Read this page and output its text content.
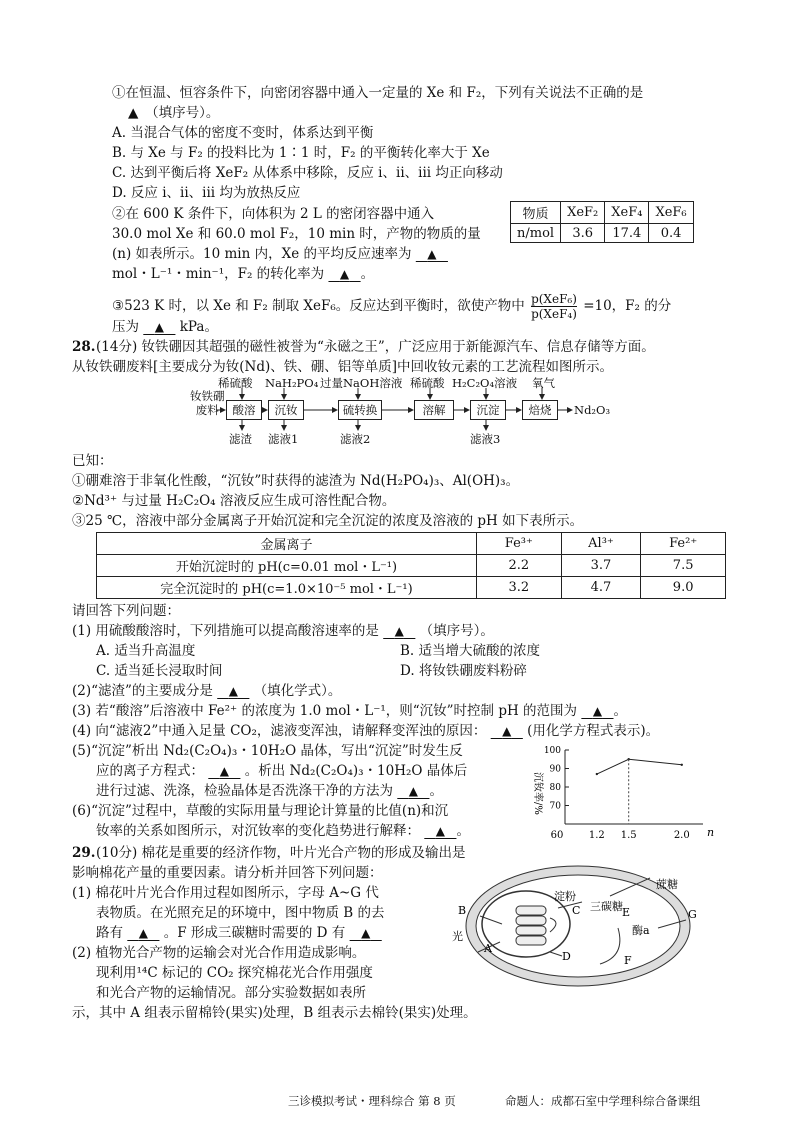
①在恒温、恒容条件下，向密闭容器中通入一定量的 Xe 和 F₂，下列有关说法不正确的是
▲　（填序号）。
A. 当混合气体的密度不变时，体系达到平衡
B. 与 Xe 与 F₂ 的投料比为 1∶1 时，F₂ 的平衡转化率大于 Xe
C. 达到平衡后将 XeF₂ 从体系中移除，反应 i、ii、iii 均正向移动
D. 反应 i、ii、iii 均为放热反应
②在 600 K 条件下，向体积为 2 L 的密闭容器中通入
30.0 mol Xe 和 60.0 mol F₂，10 min 时，产物的物质的量
(n) 如表所示。10 min 内，Xe 的平均反应速率为 ▲
mol・L⁻¹・min⁻¹，F₂ 的转化率为 ▲ 。
物质	XeF₂	XeF₄	XeF₆
n/mol	3.6	17.4	0.4
③523 K 时，以 Xe 和 F₂ 制取 XeF₆。反应达到平衡时，欲使产物中 p(XeF₆)
p(XeF₄) =10，F₂ 的分
压为 ▲ kPa。
28. (14分) 钕铁硼因其超强的磁性被誉为“永磁之王”，广泛应用于新能源汽车、信息存储等方面。
从钕铁硼废料[主要成分为钕(Nd)、铁、硼、铝等单质]中回收钕元素的工艺流程如图所示。
钕铁硼
废料
稀硫酸 NaH₂PO₄ 过量NaOH溶液 稀硫酸 H₂C₂O₄溶液 氧气
酸溶	沉钕	硫转换	溶解	沉淀	焙烧	Nd₂O₃
滤渣 滤液1	滤液2	滤液3
已知：
①硼难溶于非氧化性酸，“沉钕”时获得的滤渣为 Nd(H₂PO₄)₃、Al(OH)₃。
②Nd³⁺ 与过量 H₂C₂O₄ 溶液反应生成可溶性配合物。
③25 ℃，溶液中部分金属离子开始沉淀和完全沉淀的浓度及溶液的 pH 如下表所示。
金属离子	Fe³⁺	Al³⁺	Fe²⁺
开始沉淀时的 pH(c=0.01 mol・L⁻¹)	2.2	3.7	7.5
完全沉淀时的 pH(c=1.0×10⁻⁵ mol・L⁻¹)	3.2	4.7	9.0
请回答下列问题：
(1) 用硫酸酸溶时，下列措施可以提高酸溶速率的是 ▲ （填序号）。
A. 适当升高温度	B. 适当增大硫酸的浓度
C. 适当延长浸取时间	D. 将钕铁硼废料粉碎
(2)“滤渣”的主要成分是 ▲ （填化学式）。
(3) 若“酸溶”后溶液中 Fe²⁺ 的浓度为 1.0 mol・L⁻¹，则“沉钕”时控制 pH 的范围为 ▲ 。
(4) 向“滤液2”中通入足量 CO₂，滤液变浑浊，请解释变浑浊的原因： ▲ (用化学方程式表示)。
(5)“沉淀”析出 Nd₂(C₂O₄)₃・10H₂O 晶体，写出“沉淀”时发生反
应的离子方程式： ▲ 。析出 Nd₂(C₂O₄)₃・10H₂O 晶体后
进行过滤、洗涤，检验晶体是否洗涤干净的方法为 ▲ 。
(6)“沉淀”过程中，草酸的实际用量与理论计算量的比值(n)和沉
钕率的关系如图所示，对沉钕率的变化趋势进行解释： ▲ 。
沉钕率/%
n
100
90
80
70
60	1.2 1.5	2.0
29. (10分) 棉花是重要的经济作物，叶片光合产物的形成及输出是
影响棉花产量的重要因素。请分析并回答下列问题：
(1) 棉花叶片光合作用过程如图所示，字母 A~G 代
表物质。在光照充足的环境中，图中物质 B 的去
路有 ▲ 。F 形成三碳糖时需要的 D 有 ▲
(2) 植物光合产物的运输会对光合作用造成影响。
现利用¹⁴C 标记的 CO₂ 探究棉花光合作用强度
和光合产物的运输情况。部分实验数据如表所
示，其中 A 组表示留棉铃(果实)处理，B 组表示去棉铃(果实)处理。
淀粉
蔗糖
三碳糖
B
A
C
D
E
F
G
酶a
光
三诊模拟考试・理科综合 第 8 页	命题人：成都石室中学理科综合备课组
